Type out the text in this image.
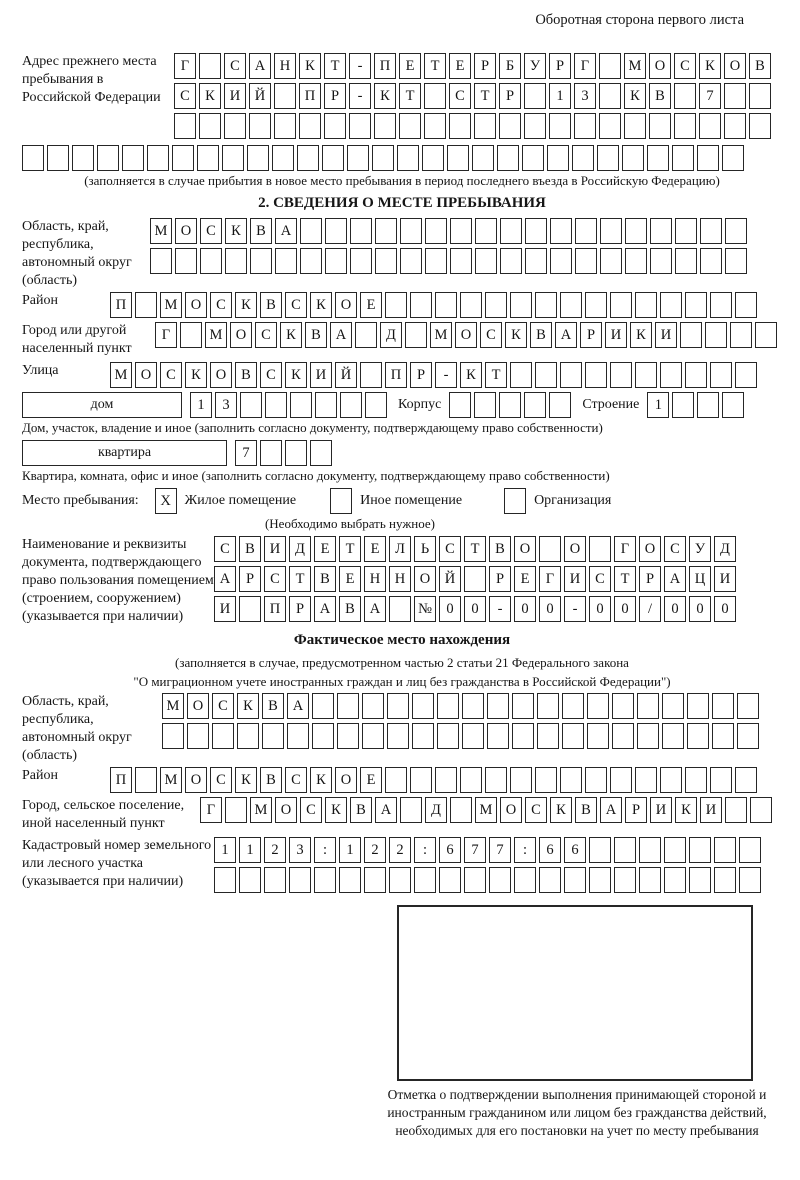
Оборотная сторона первого листа
Адрес прежнего места пребывания в Российской Федерации
Г	С	А	Н	К	Т	-	П	Е	Т	Е	Р	Б	У	Р	Г	М О	С	К	О	В
С	К	И	Й	П	Р	-	К	Т	С	Т	Р	1	3	К	В	7
(заполняется в случае прибытия в новое место пребывания в период последнего въезда в Российскую Федерацию)
2. СВЕДЕНИЯ О МЕСТЕ ПРЕБЫВАНИЯ
Область, край, республика, автономный округ (область)
М О	С	К	В	А
Район	П	М О	С	К	В	С	К	О	Е
Город или другой населенный пункт
Г	М О	С	К	В	А	Д	М О	С	К	В	А	Р	И	К	И
Улица	М О	С	К	О	В	С	К	И	Й	П	Р	-	К	Т
дом	1	3	Корпус	Строение	1
Дом, участок, владение и иное (заполнить согласно документу, подтверждающему право собственности)
квартира	7
Квартира, комната, офис и иное (заполнить согласно документу, подтверждающему право собственности)
Место пребывания:	X Жилое помещение	Иное помещение	Организация
(Необходимо выбрать нужное)
Наименование и реквизиты документа, подтверждающего право пользования помещением (строением, сооружением) (указывается при наличии)
С	В	И	Д	Е	Т	Е	Л	Ь	С	Т	В	О	О	Г	О	С	У	Д
А	Р	С	Т	В	Е	Н	Н	О	Й	Р	Е	Г	И	С	Т	Р	А	Ц	И
И	П	Р	А	В	А	№ 0	0	-	0	0	-	0	0	/	0	0	0
Фактическое место нахождения
(заполняется в случае, предусмотренном частью 2 статьи 21 Федерального закона
"О миграционном учете иностранных граждан и лиц без гражданства в Российской Федерации")
Область, край, республика, автономный округ (область)
М О	С	К	В	А
Район	П	М О	С	К	В	С	К	О	Е
Город, сельское поселение, иной населенный пункт
Г	М О	С	К	В	А	Д	М О	С	К	В	А	Р	И	К	И
Кадастровый номер земельного или лесного участка (указывается при наличии)
1	1	2	3	:	1	2	2	:	6	7	7	:	6	6
Отметка о подтверждении выполнения принимающей стороной и иностранным гражданином или лицом без гражданства действий, необходимых для его постановки на учет по месту пребывания
